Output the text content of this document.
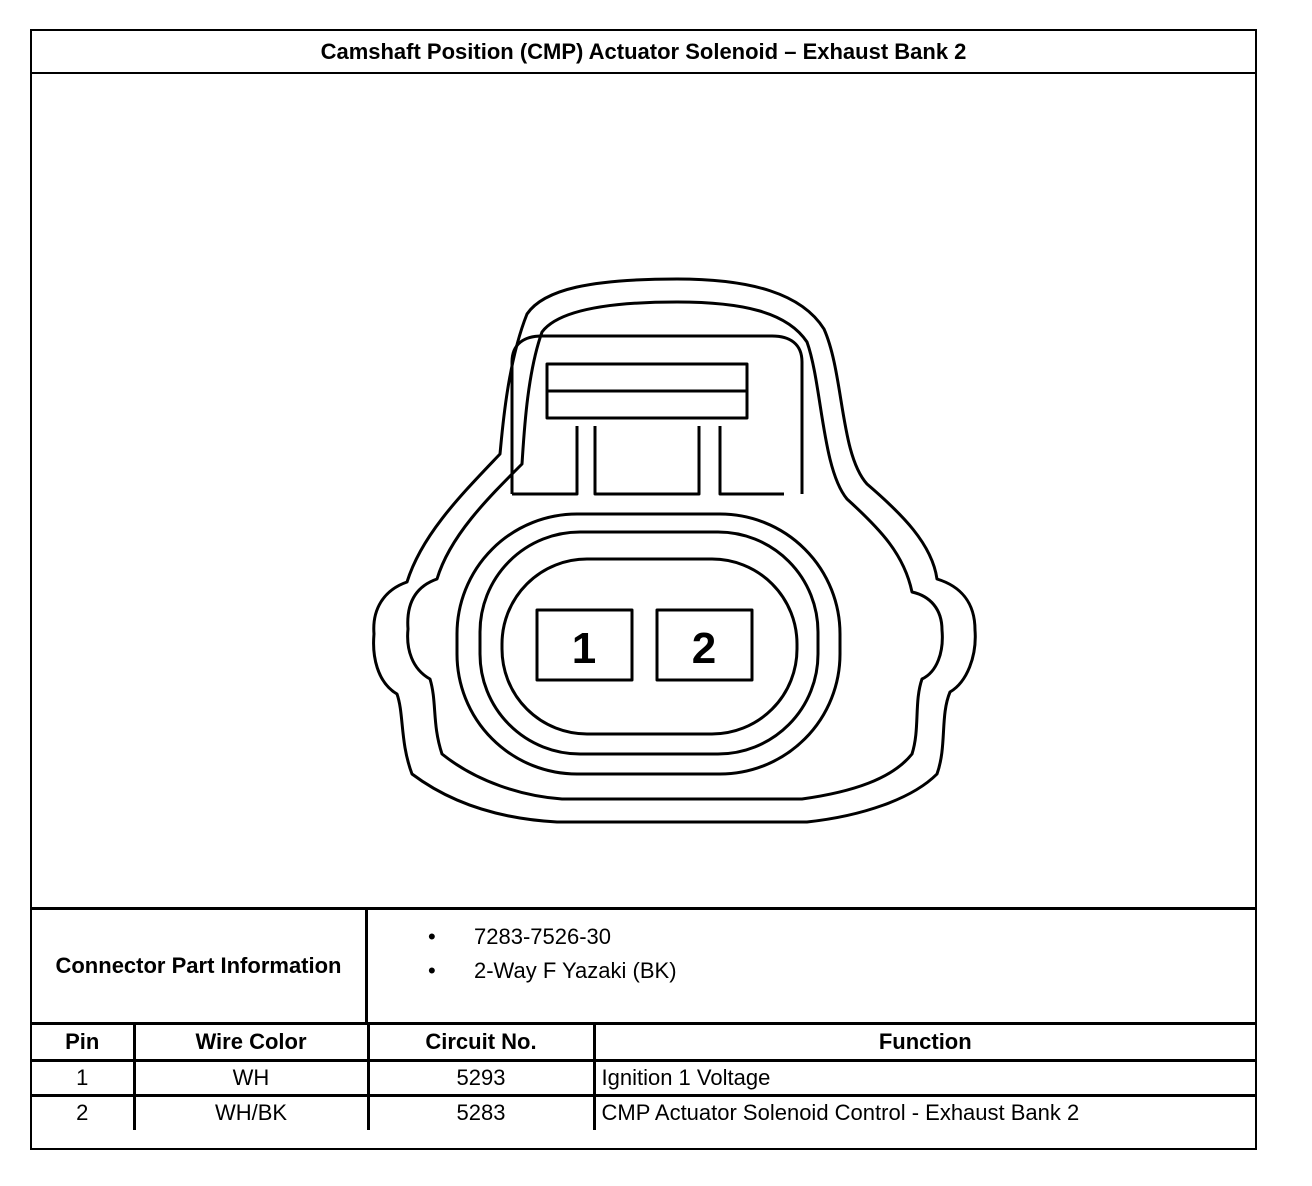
Camshaft Position (CMP) Actuator Solenoid – Exhaust Bank 2
1 2
Connector Part Information
• 7283-7526-30
• 2-Way F Yazaki (BK)
Pin	Wire Color	Circuit No.	Function
1	WH	5293	Ignition 1 Voltage
2	WH/BK	5283	CMP Actuator Solenoid Control - Exhaust Bank 2
